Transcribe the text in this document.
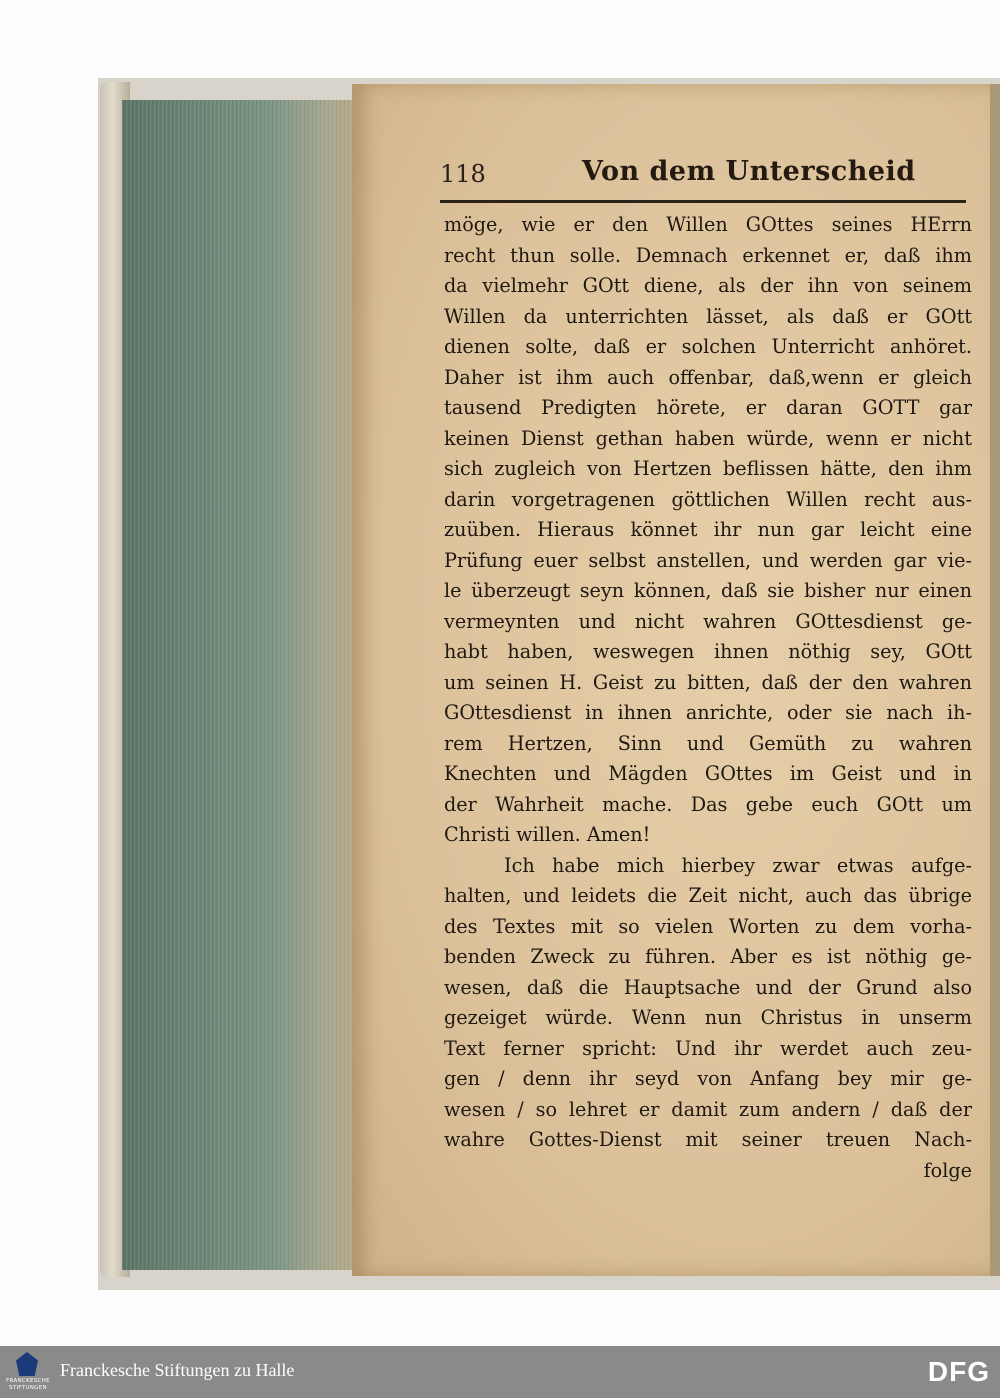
118	Von dem Unterscheid
möge, wie er den Willen GOttes seines HErrn
recht thun solle. Demnach erkennet er, daß ihm
da vielmehr GOtt diene, als der ihn von seinem
Willen da unterrichten lässet, als daß er GOtt
dienen solte, daß er solchen Unterricht anhöret.
Daher ist ihm auch offenbar, daß,wenn er gleich
tausend Predigten hörete, er daran GOTT gar
keinen Dienst gethan haben würde, wenn er nicht
sich zugleich von Hertzen beflissen hätte, den ihm
darin vorgetragenen göttlichen Willen recht aus-
zuüben. Hieraus könnet ihr nun gar leicht eine
Prüfung euer selbst anstellen, und werden gar vie-
le überzeugt seyn können, daß sie bisher nur einen
vermeynten und nicht wahren GOttesdienst ge-
habt haben, weswegen ihnen nöthig sey, GOtt
um seinen H. Geist zu bitten, daß der den wahren
GOttesdienst in ihnen anrichte, oder sie nach ih-
rem Hertzen, Sinn und Gemüth zu wahren
Knechten und Mägden GOttes im Geist und in
der Wahrheit mache. Das gebe euch GOtt um
Christi willen. Amen!
Ich habe mich hierbey zwar etwas aufge-
halten, und leidets die Zeit nicht, auch das übrige
des Textes mit so vielen Worten zu dem vorha-
benden Zweck zu führen. Aber es ist nöthig ge-
wesen, daß die Hauptsache und der Grund also
gezeiget würde. Wenn nun Christus in unserm
Text ferner spricht: Und ihr werdet auch zeu-
gen / denn ihr seyd von Anfang bey mir ge-
wesen / so lehret er damit zum andern / daß der
wahre Gottes-Dienst mit seiner treuen Nach-
folge
FRANCKESCHE
STIFTUNGEN
Franckesche Stiftungen zu Halle	DFG
